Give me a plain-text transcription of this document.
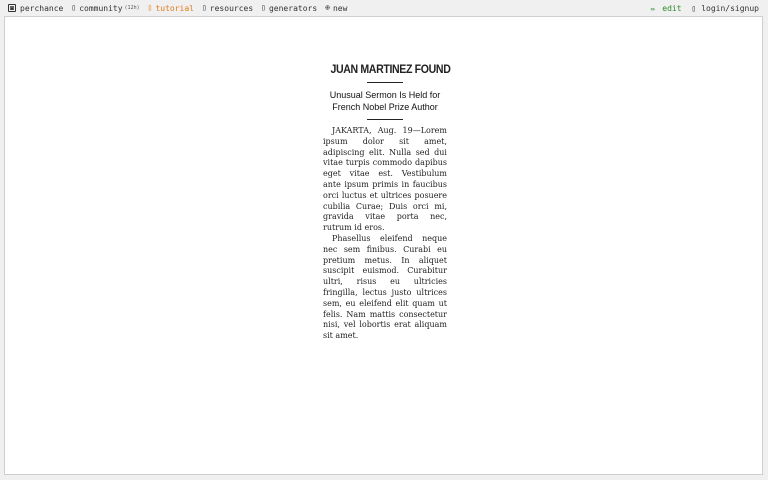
perchance ▯ community (12h) ▯ tutorial ▯ resources ▯ generators ⊕ new	✏ edit ▯ login/signup
JUAN MARTINEZ FOUND
Unusual Sermon Is Held for French Nobel Prize Author

JAKARTA, Aug. 19—Lorem ipsum dolor sit amet, adipiscing elit. Nulla sed dui vitae turpis commodo dapibus eget vitae est. Vestibulum ante ipsum primis in faucibus orci luctus et ultrices posuere cubilia Curae; Duis orci mi, gravida vitae porta nec, rutrum id eros.

Phasellus eleifend neque nec sem finibus. Curabi eu pretium metus. In aliquet suscipit euismod. Curabitur ultri, risus eu ultricies fringilla, lectus justo ultrices sem, eu eleifend elit quam ut felis. Nam mattis consectetur nisi, vel lobortis erat aliquam sit amet.
